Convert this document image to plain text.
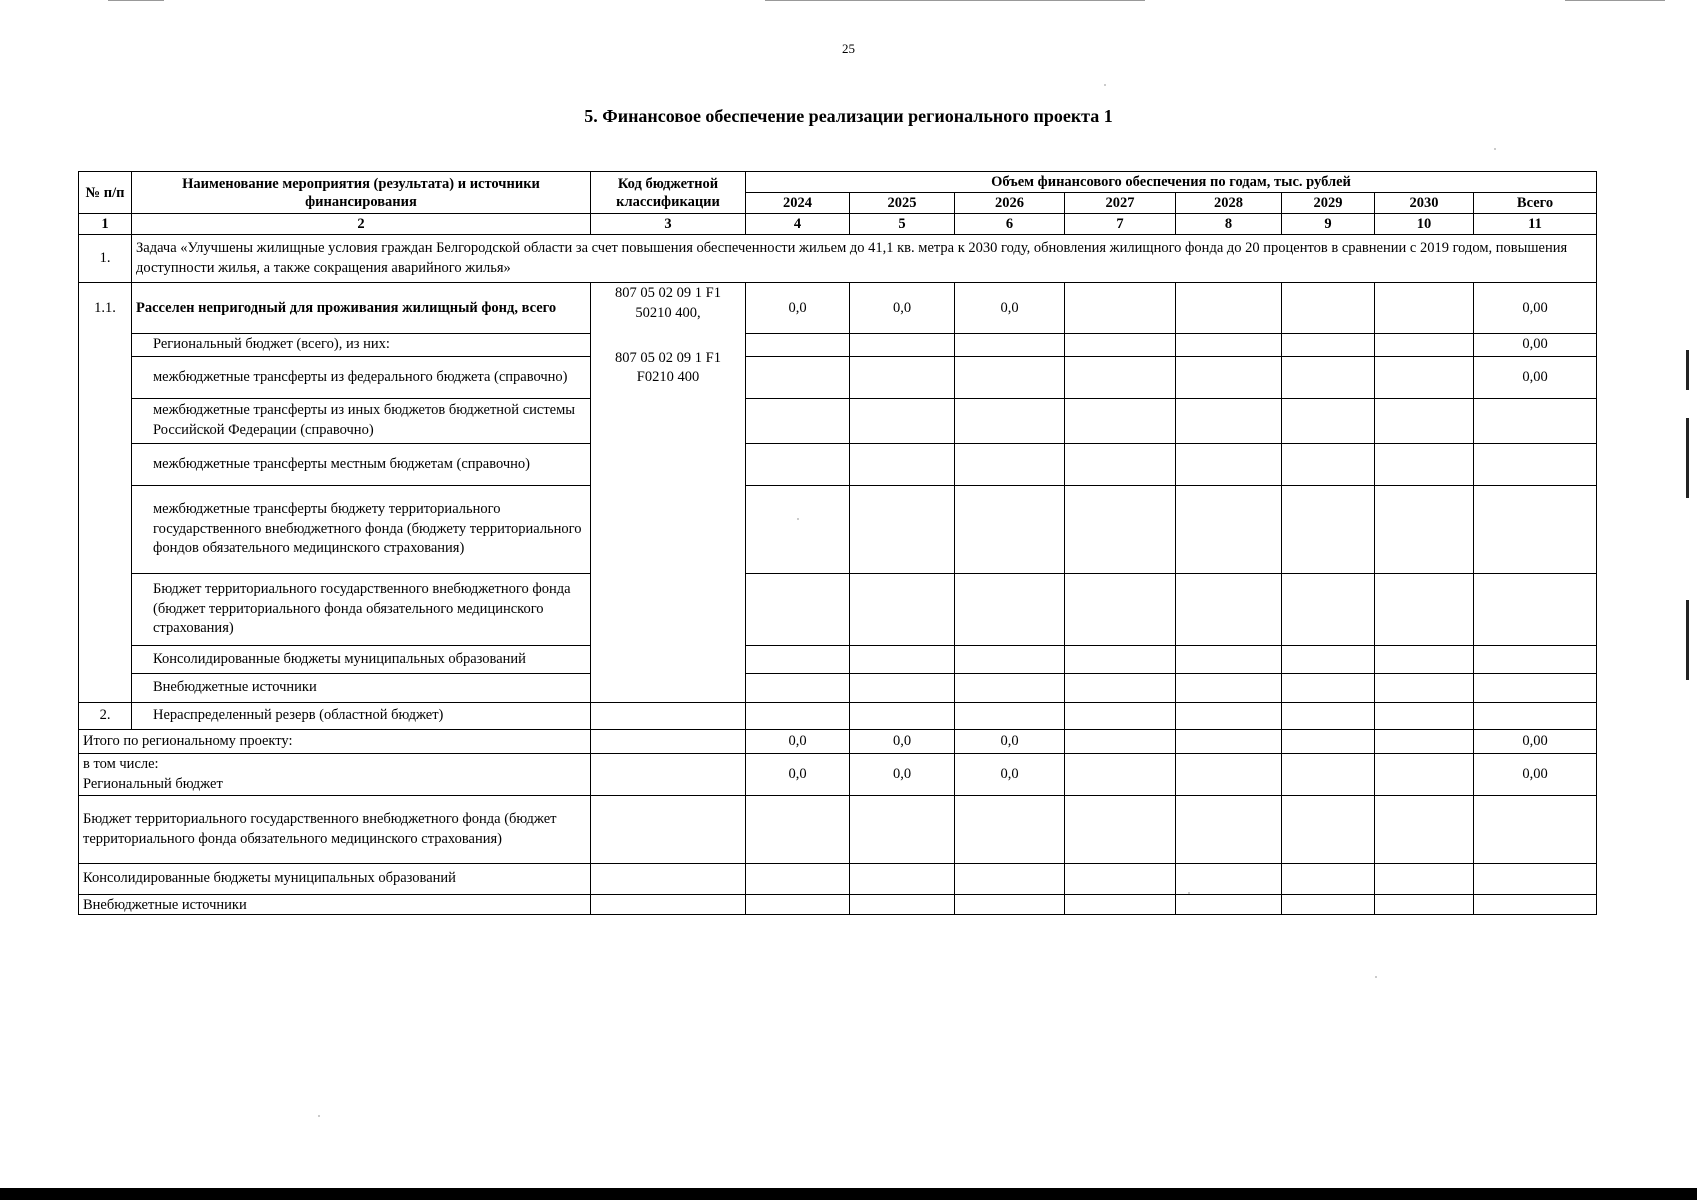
25
5. Финансовое обеспечение реализации регионального проекта 1
№ п/п	Наименование мероприятия (результата) и источники финансирования	Код бюджетной классификации	Объем финансового обеспечения по годам, тыс. рублей							
			2024	2025	2026	2027	2028	2029	2030	Всего
1	2	3	4	5	6	7	8	9	10	11
1.	Задача «Улучшены жилищные условия граждан Белгородской области за счет повышения обеспеченности жильем до 41,1 кв. метра к 2030 году, обновления жилищного фонда до 20 процентов в сравнении с 2019 годом, повышения доступности жилья, а также сокращения аварийного жилья»									
1.1.	Расселен непригодный для проживания жилищный фонд, всего	807 05 02 09 1 F1
50210 400,
807 05 02 09 1 F1
F0210 400	0,0	0,0	0,0					0,00
	Региональный бюджет (всего), из них:									0,00
	межбюджетные трансферты из федерального бюджета (справочно)									0,00
	межбюджетные трансферты из иных бюджетов бюджетной системы Российской Федерации (справочно)									
	межбюджетные трансферты местным бюджетам (справочно)									
	межбюджетные трансферты бюджету территориального государственного внебюджетного фонда (бюджету территориального фондов обязательного медицинского страхования)									
	Бюджет территориального государственного внебюджетного фонда (бюджет территориального фонда обязательного медицинского страхования)									
	Консолидированные бюджеты муниципальных образований									
	Внебюджетные источники									
2.	Нераспределенный резерв (областной бюджет)									
Итого по региональному проекту:			0,0	0,0	0,0					0,00

в том числе:
Региональный бюджет			0,0	0,0	0,0					0,00
Бюджет территориального государственного внебюджетного фонда (бюджет территориального фонда обязательного медицинского страхования)										
Консолидированные бюджеты муниципальных образований										
Внебюджетные источники										
